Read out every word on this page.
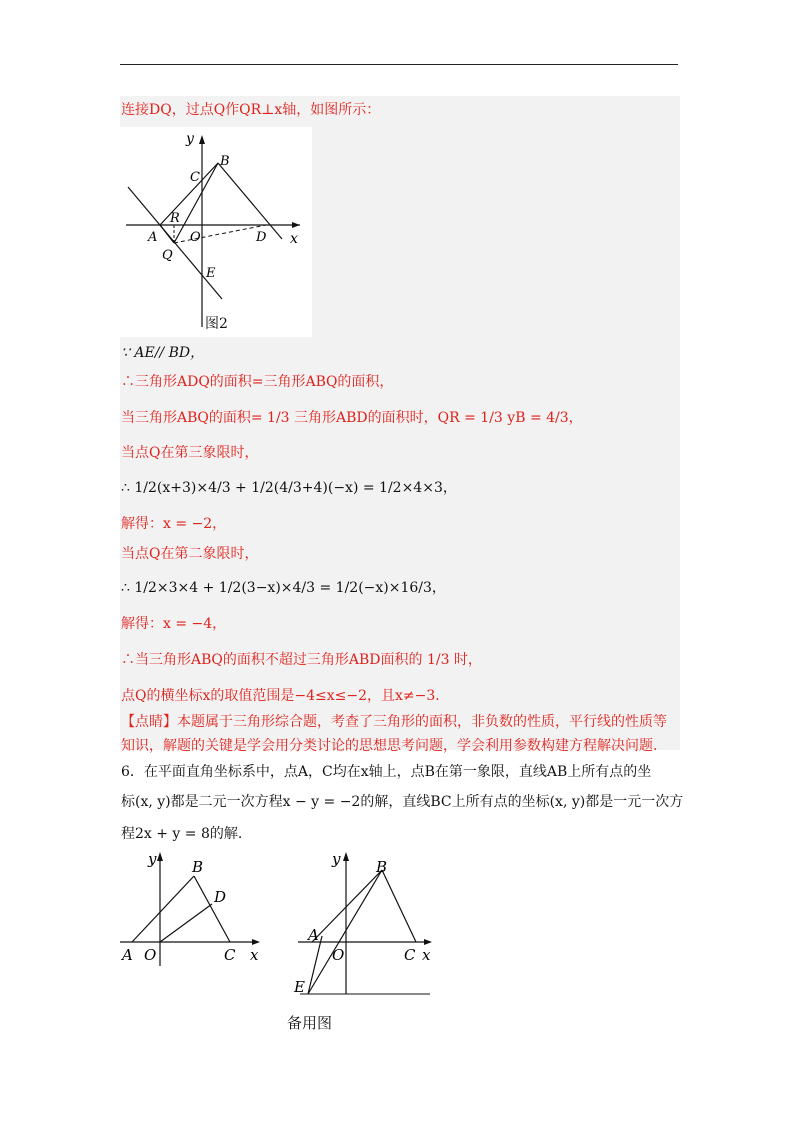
连接DQ，过点Q作QR⊥x轴，如图所示：
y
x
B
C
R
A	O	D
Q
E
图2
∵ AE// BD，
∴三角形ADQ的面积=三角形ABQ的面积，
当三角形ABQ的面积= 1/3 三角形ABD的面积时，QR = 1/3 yB = 4/3，
当点Q在第三象限时，
∴ 1/2(x+3)×4/3 + 1/2(4/3+4)(−x) = 1/2×4×3，
解得：x = −2，
当点Q在第二象限时，
∴ 1/2×3×4 + 1/2(3−x)×4/3 = 1/2(−x)×16/3，
解得：x = −4，
∴当三角形ABQ的面积不超过三角形ABD面积的 1/3 时，
点Q的横坐标x的取值范围是−4≤x≤−2，且x≠−3．
【点睛】本题属于三角形综合题，考查了三角形的面积，非负数的性质，平行线的性质等
知识，解题的关键是学会用分类讨论的思想思考问题，学会利用参数构建方程解决问题.
6．在平面直角坐标系中，点A，C均在x轴上，点B在第一象限，直线AB上所有点的坐
标(x, y)都是二元一次方程x − y = −2的解，直线BC上所有点的坐标(x, y)都是一元一次方
程2x + y = 8的解.
y
x
B
D
A O	C
y
x
B
A
O	C
E
备用图
